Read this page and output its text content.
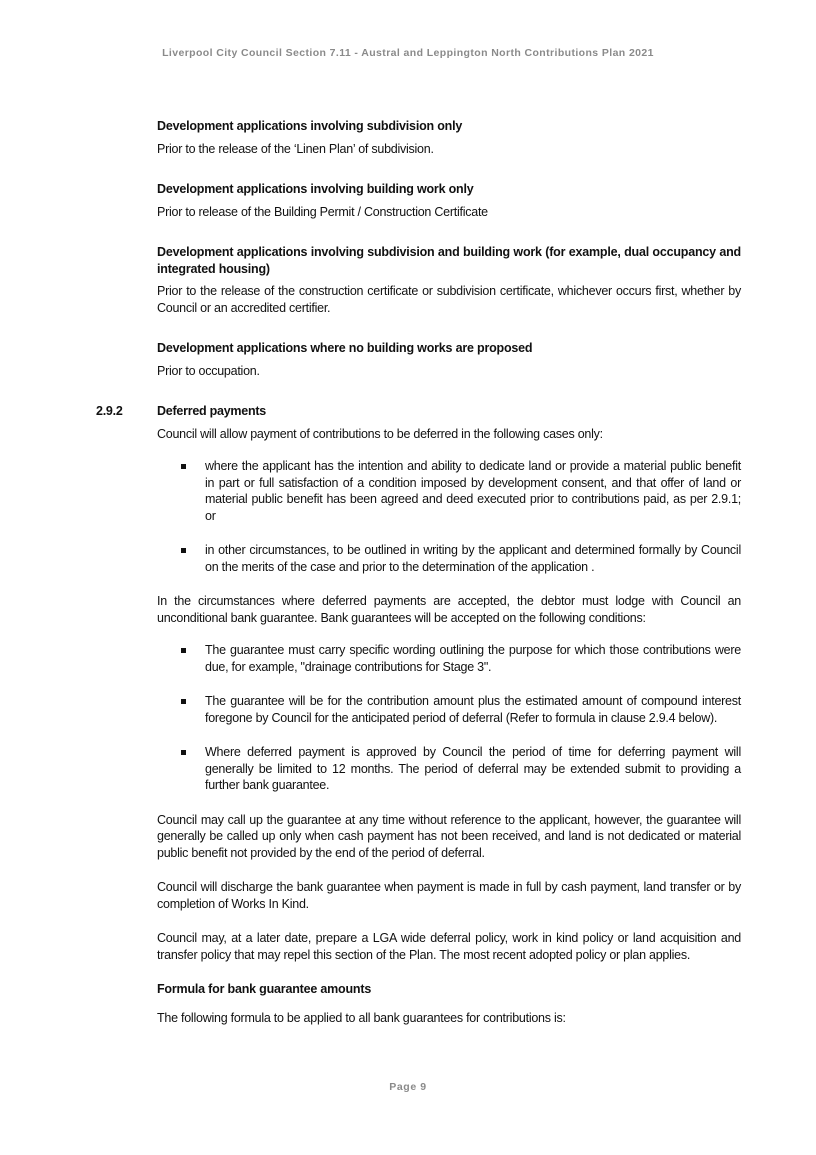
Liverpool City Council Section 7.11 - Austral and Leppington North Contributions Plan 2021
Development applications involving subdivision only
Prior to the release of the ‘Linen Plan’ of subdivision.
Development applications involving building work only
Prior to release of the Building Permit / Construction Certificate
Development applications involving subdivision and building work (for example, dual occupancy and integrated housing)
Prior to the release of the construction certificate or subdivision certificate, whichever occurs first, whether by Council or an accredited certifier.
Development applications where no building works are proposed
Prior to occupation.
2.9.2	Deferred payments
Council will allow payment of contributions to be deferred in the following cases only:
where the applicant has the intention and ability to dedicate land or provide a material public benefit in part or full satisfaction of a condition imposed by development consent, and that offer of land or material public benefit has been agreed and deed executed prior to contributions paid, as per 2.9.1; or
in other circumstances, to be outlined in writing by the applicant and determined formally by Council on the merits of the case and prior to the determination of the application .
In the circumstances where deferred payments are accepted, the debtor must lodge with Council an unconditional bank guarantee. Bank guarantees will be accepted on the following conditions:
The guarantee must carry specific wording outlining the purpose for which those contributions were due, for example, "drainage contributions for Stage 3".
The guarantee will be for the contribution amount plus the estimated amount of compound interest foregone by Council for the anticipated period of deferral (Refer to formula in clause 2.9.4 below).
Where deferred payment is approved by Council the period of time for deferring payment will generally be limited to 12 months. The period of deferral may be extended submit to providing a further bank guarantee.
Council may call up the guarantee at any time without reference to the applicant, however, the guarantee will generally be called up only when cash payment has not been received, and land is not dedicated or material public benefit not provided by the end of the period of deferral.
Council will discharge the bank guarantee when payment is made in full by cash payment, land transfer or by completion of Works In Kind.
Council may, at a later date, prepare a LGA wide deferral policy, work in kind policy or land acquisition and transfer policy that may repel this section of the Plan. The most recent adopted policy or plan applies.
Formula for bank guarantee amounts
The following formula to be applied to all bank guarantees for contributions is:
Page 9
